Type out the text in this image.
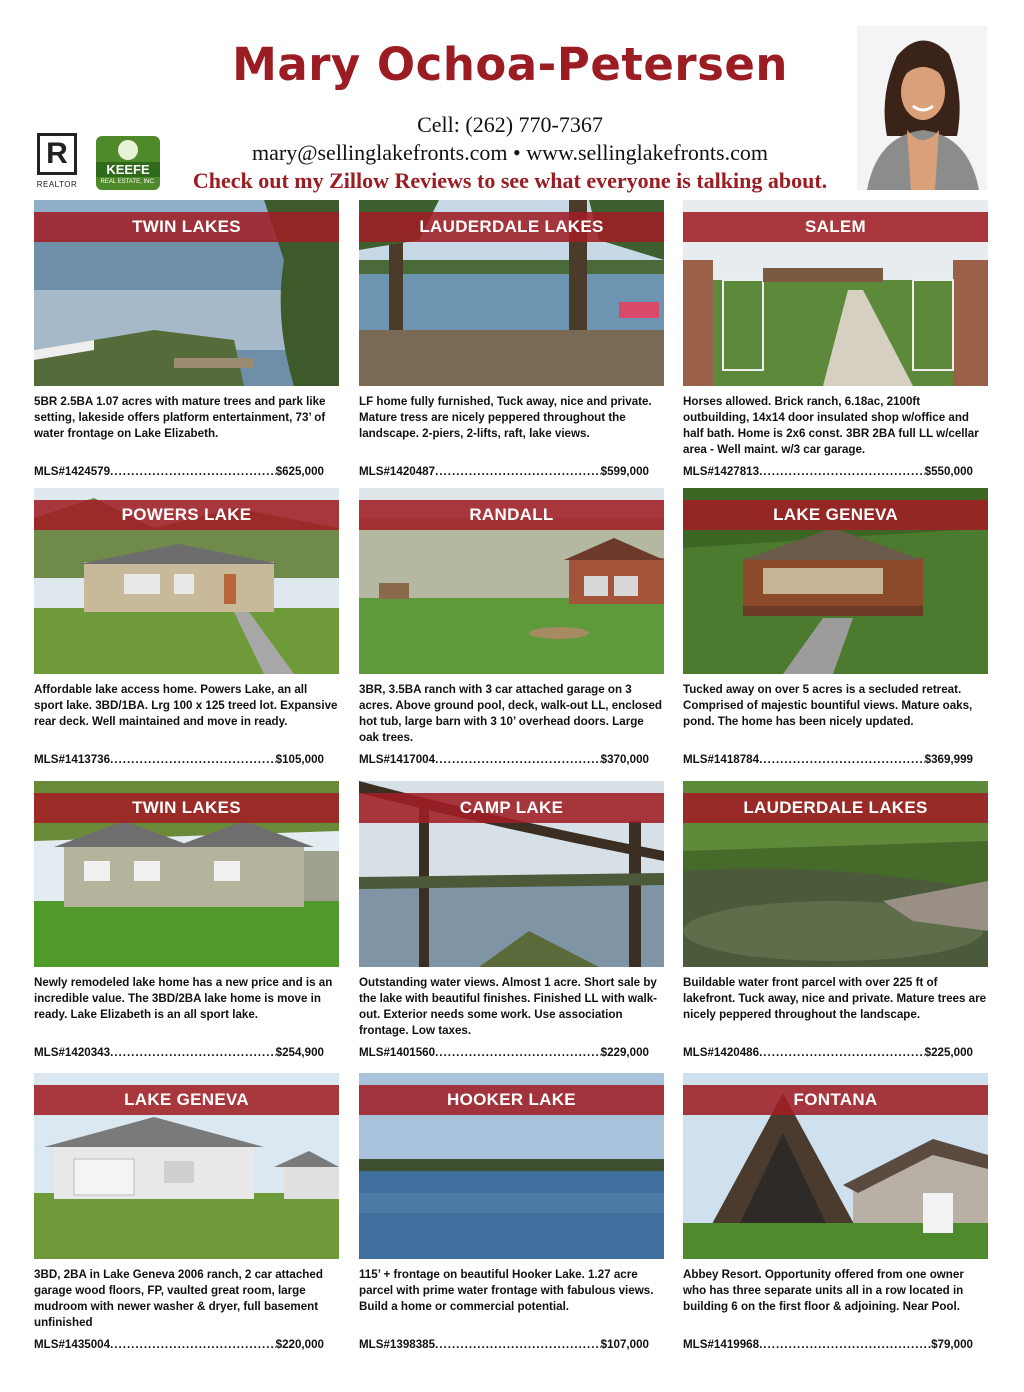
Mary Ochoa-Petersen
Cell: (262) 770-7367
mary@sellinglakefronts.com • www.sellinglakefronts.com
Check out my Zillow Reviews to see what everyone is talking about.
R
REALTOR
KEEFE
REAL ESTATE, INC.
TWIN LAKES
5BR 2.5BA 1.07 acres with mature trees and park like setting, lakeside offers platform entertainment, 73’ of water frontage on Lake Elizabeth.
MLS#1424579 .....	$625,000
LAUDERDALE LAKES
LF home fully furnished, Tuck away, nice and private. Mature tress are nicely peppered throughout the landscape. 2-piers, 2-lifts, raft, lake views.
MLS#1420487 .....	$599,000
SALEM
Horses allowed. Brick ranch, 6.18ac, 2100ft outbuilding, 14x14 door insulated shop w/office and half bath. Home is 2x6 const. 3BR 2BA full LL w/cellar area - Well maint. w/3 car garage.
MLS#1427813 .....	$550,000
POWERS LAKE
Affordable lake access home. Powers Lake, an all sport lake. 3BD/1BA. Lrg 100 x 125 treed lot. Expansive rear deck. Well maintained and move in ready.
MLS#1413736 .....	$105,000
RANDALL
3BR, 3.5BA ranch with 3 car attached garage on 3 acres. Above ground pool, deck, walk-out LL, enclosed hot tub, large barn with 3 10’ overhead doors. Large oak trees.
MLS#1417004 .....	$370,000
LAKE GENEVA
Tucked away on over 5 acres is a secluded retreat. Comprised of majestic bountiful views. Mature oaks, pond. The home has been nicely updated.
MLS#1418784 .....	$369,999
TWIN LAKES
Newly remodeled lake home has a new price and is an incredible value. The 3BD/2BA lake home is move in ready. Lake Elizabeth is an all sport lake.
MLS#1420343 .....	$254,900
CAMP LAKE
Outstanding water views. Almost 1 acre. Short sale by the lake with beautiful finishes. Finished LL with walk-out. Exterior needs some work. Use association frontage. Low taxes.
MLS#1401560 .....	$229,000
LAUDERDALE LAKES
Buildable water front parcel with over 225 ft of lakefront. Tuck away, nice and private. Mature trees are nicely peppered throughout the landscape.
MLS#1420486 .....	$225,000
LAKE GENEVA
3BD, 2BA in Lake Geneva 2006 ranch, 2 car attached garage wood floors, FP, vaulted great room, large mudroom with newer washer & dryer, full basement unfinished
MLS#1435004 .....	$220,000
HOOKER LAKE
115’ + frontage on beautiful Hooker Lake. 1.27 acre parcel with prime water frontage with fabulous views. Build a home or commercial potential.
MLS#1398385 .....	$107,000
FONTANA
Abbey Resort. Opportunity offered from one owner who has three separate units all in a row located in building 6 on the first floor & adjoining. Near Pool.
MLS#1419968 .....	$79,000
